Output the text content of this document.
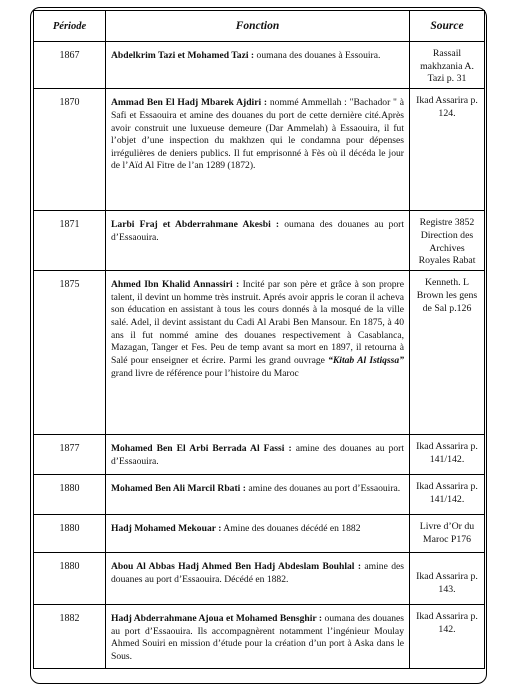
Période	Fonction	Source
1867	Abdelkrim Tazi et Mohamed Tazi : oumana des douanes à Essouira.	Rassail makhzania A. Tazi p. 31
1870	Ammad Ben El Hadj Mbarek Ajdiri : nommé Ammellah : "Bachador " à Safi et Essaouira et amine des douanes du port de cette dernière cité.Après avoir construit une luxueuse demeure (Dar Ammelah) à Essaouira, il fut l’objet d’une inspection du makhzen qui le condamna pour dépenses irrégulières de deniers publics. Il fut emprisonné à Fès où il décéda le jour de l’Aïd Al Fitre de l’an 1289 (1872).	Ikad Assarira p. 124.
1871	Larbi Fraj et Abderrahmane Akesbi : oumana des douanes au port d’Essaouira.	Registre 3852 Direction des Archives Royales Rabat
1875	Ahmed Ibn Khalid Annassiri : Incité par son père et grâce à son propre talent, il devint un homme très instruit. Aprés avoir appris le coran il acheva son éducation en assistant à tous les cours donnés à la mosqué de la ville salé. Adel, il devint assistant du Cadi Al Arabi Ben Mansour. En 1875, à 40 ans il fut nommé amine des douanes respectivement à Casablanca, Mazagan, Tanger et Fes. Peu de temp avant sa mort en 1897, il retourna à Salé pour enseigner et écrire. Parmi les grand ouvrage “Kitab Al Istiqssa” grand livre de référence pour l’histoire du Maroc	Kenneth. L Brown les gens de Sal p.126
1877	Mohamed Ben El Arbi Berrada Al Fassi : amine des douanes au port d’Essaouira.	Ikad Assarira p. 141/142.
1880	Mohamed Ben Ali Marcil Rbati : amine des douanes au port d’Essaouira.	Ikad Assarira p. 141/142.
1880	Hadj Mohamed Mekouar : Amine des douanes décédé en 1882	Livre d’Or du Maroc P176
1880	Abou Al Abbas Hadj Ahmed Ben Hadj Abdeslam Bouhlal : amine des douanes au port d’Essaouira. Décédé en 1882.	Ikad Assarira p. 143.
1882	Hadj Abderrahmane Ajoua et Mohamed Bensghir : oumana des douanes au port d’Essaouira. Ils accompagnèrent notamment l’ingénieur Moulay Ahmed Souiri en mission d’étude pour la création d’un port à Aska dans le Sous.	Ikad Assarira p. 142.
